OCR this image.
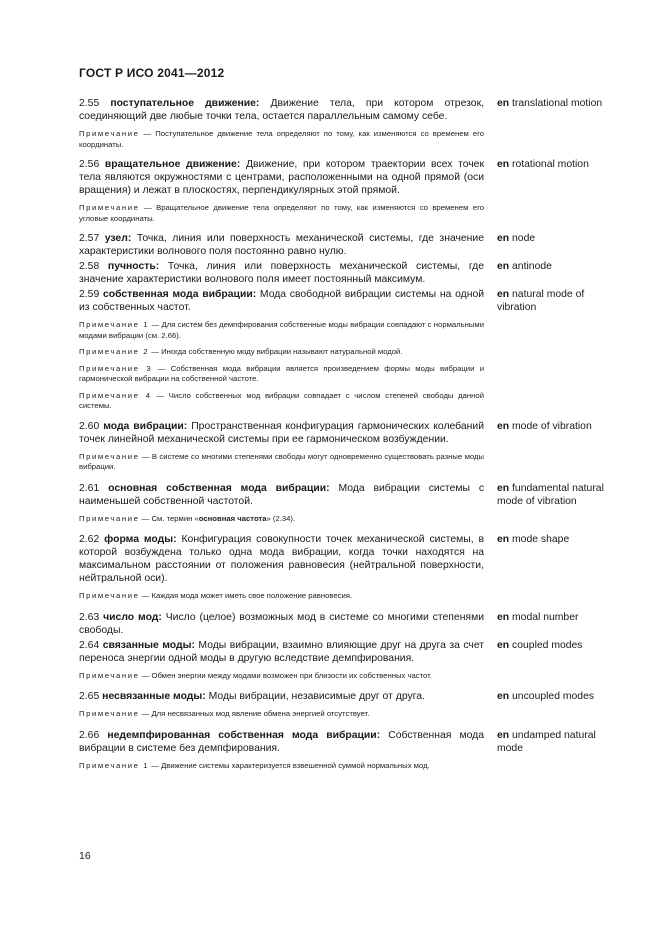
ГОСТ Р ИСО 2041—2012
2.55 поступательное движение: Движение тела, при котором отрезок, соединяющий две любые точки тела, остается параллельным самому себе.
en translational motion
Примечание — Поступательное движение тела определяют по тому, как изменяются со временем его координаты.
2.56 вращательное движение: Движение, при котором траектории всех точек тела являются окружностями с центрами, расположенными на одной прямой (оси вращения) и лежат в плоскостях, перпендикулярных этой прямой.
en rotational motion
Примечание — Вращательное движение тела определяют по тому, как изменяются со временем его угловые координаты.
2.57 узел: Точка, линия или поверхность механической системы, где значение характеристики волнового поля постоянно равно нулю.
en node
2.58 пучность: Точка, линия или поверхность механической системы, где значение характеристики волнового поля имеет постоянный максимум.
en antinode
2.59 собственная мода вибрации: Мода свободной вибрации системы на одной из собственных частот.
en natural mode of vibration
Примечание 1 — Для систем без демпфирования собственные моды вибрации совпадают с нормальными модами вибрации (см. 2.66).
Примечание 2 — Иногда собственную моду вибрации называют натуральной модой.
Примечание 3 — Собственная мода вибрации является произведением формы моды вибрации и гармонической вибрации на собственной частоте.
Примечание 4 — Число собственных мод вибрации совпадает с числом степеней свободы данной системы.
2.60 мода вибрации: Пространственная конфигурация гармонических колебаний точек линейной механической системы при ее гармоническом возбуждении.
en mode of vibration
Примечание — В системе со многими степенями свободы могут одновременно существовать разные моды вибрации.
2.61 основная собственная мода вибрации: Мода вибрации системы с наименьшей собственной частотой.
en fundamental natural mode of vibration
Примечание — См. термин «основная частота» (2.34).
2.62 форма моды: Конфигурация совокупности точек механической системы, в которой возбуждена только одна мода вибрации, когда точки находятся на максимальном расстоянии от положения равновесия (нейтральной поверхности, нейтральной оси).
en mode shape
Примечание — Каждая мода может иметь свое положение равновесия.
2.63 число мод: Число (целое) возможных мод в системе со многими степенями свободы.
en modal number
2.64 связанные моды: Моды вибрации, взаимно влияющие друг на друга за счет переноса энергии одной моды в другую вследствие демпфирования.
en coupled modes
Примечание — Обмен энергии между модами возможен при близости их собственных частот.
2.65 несвязанные моды: Моды вибрации, независимые друг от друга.	en uncoupled modes
Примечание — Для несвязанных мод явление обмена энергией отсутствует.
2.66 недемпфированная собственная мода вибрации: Собственная мода вибрации в системе без демпфирования.
en undamped natural mode
Примечание 1 — Движение системы характеризуется взвешенной суммой нормальных мод.
16
